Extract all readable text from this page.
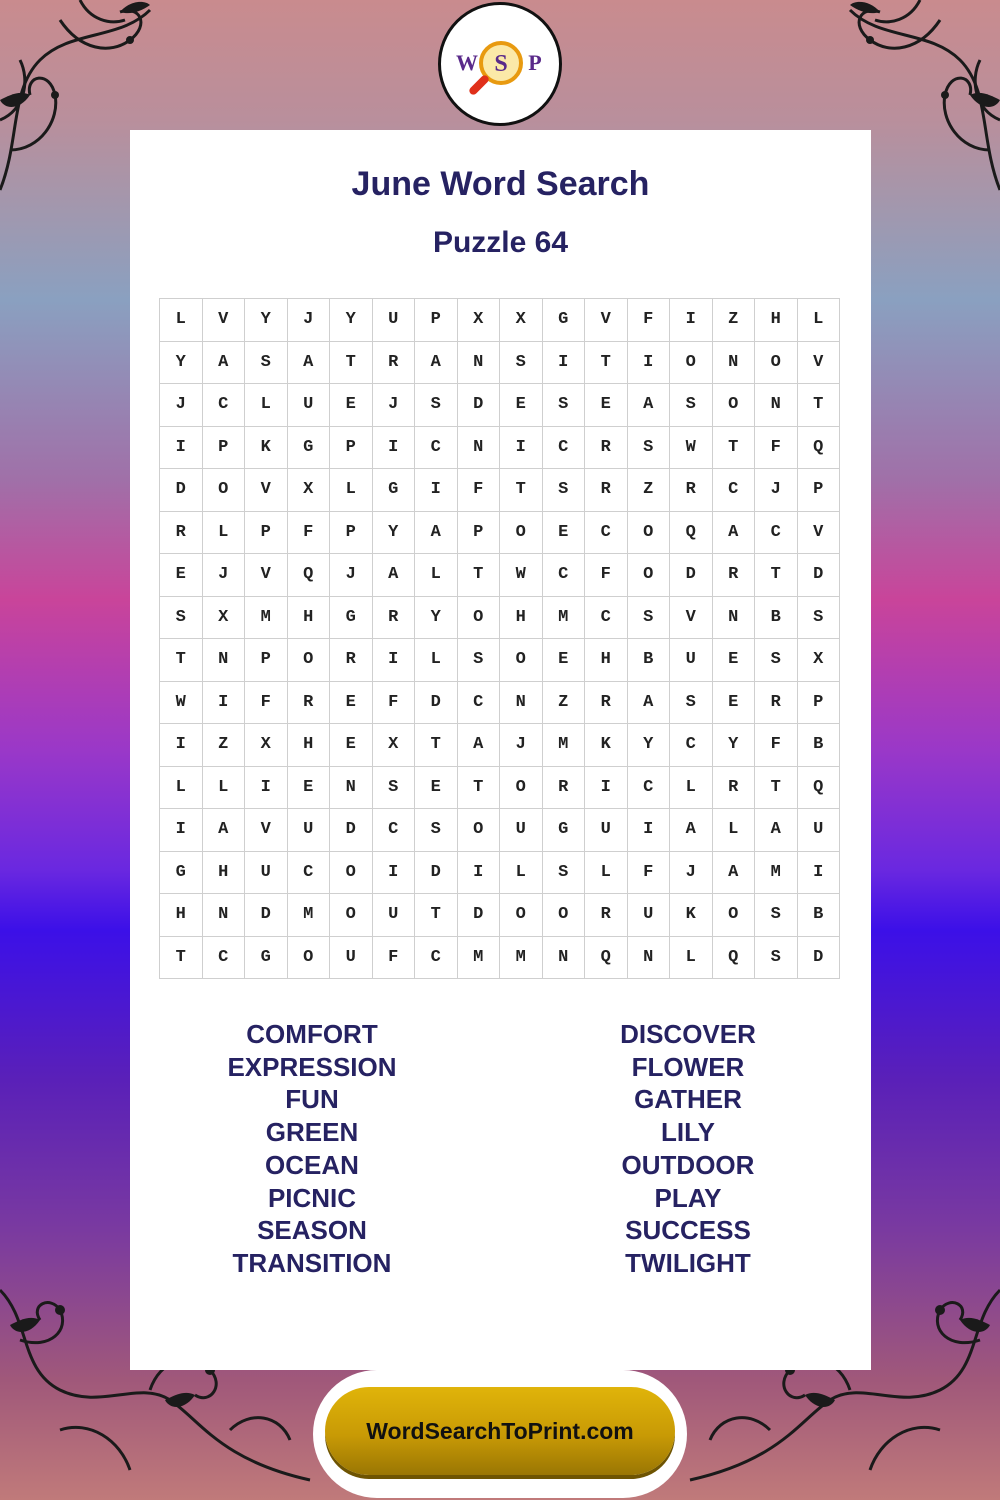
W S P
June Word Search
Puzzle 64
L	V	Y	J	Y	U	P	X	X	G	V	F	I	Z	H	L
Y	A	S	A	T	R	A	N	S	I	T	I	O	N	O	V
J	C	L	U	E	J	S	D	E	S	E	A	S	O	N	T
I	P	K	G	P	I	C	N	I	C	R	S	W	T	F	Q
D	O	V	X	L	G	I	F	T	S	R	Z	R	C	J	P
R	L	P	F	P	Y	A	P	O	E	C	O	Q	A	C	V
E	J	V	Q	J	A	L	T	W	C	F	O	D	R	T	D
S	X	M	H	G	R	Y	O	H	M	C	S	V	N	B	S
T	N	P	O	R	I	L	S	O	E	H	B	U	E	S	X
W	I	F	R	E	F	D	C	N	Z	R	A	S	E	R	P
I	Z	X	H	E	X	T	A	J	M	K	Y	C	Y	F	B
L	L	I	E	N	S	E	T	O	R	I	C	L	R	T	Q
I	A	V	U	D	C	S	O	U	G	U	I	A	L	A	U
G	H	U	C	O	I	D	I	L	S	L	F	J	A	M	I
H	N	D	M	O	U	T	D	O	O	R	U	K	O	S	B
T	C	G	O	U	F	C	M	M	N	Q	N	L	Q	S	D
COMFORT
EXPRESSION
FUN
GREEN
OCEAN
PICNIC
SEASON
TRANSITION
DISCOVER
FLOWER
GATHER
LILY
OUTDOOR
PLAY
SUCCESS
TWILIGHT
WordSearchToPrint.com
